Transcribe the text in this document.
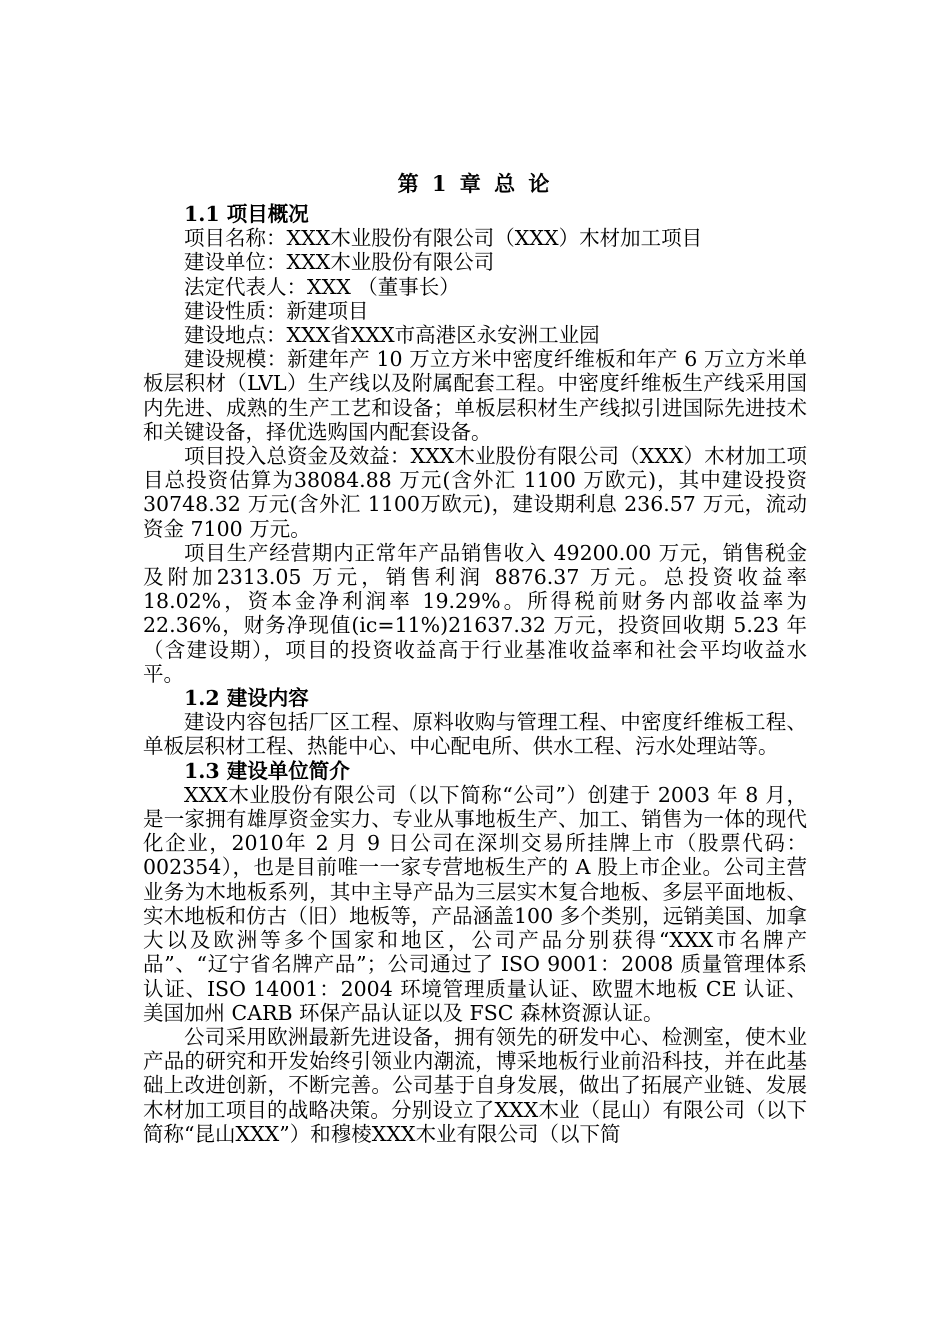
第 1 章 总 论
1.1 项目概况
项目名称：XXX木业股份有限公司（XXX）木材加工项目
建设单位：XXX木业股份有限公司
法定代表人：XXX （董事长）
建设性质：新建项目
建设地点：XXX省XXX市高港区永安洲工业园
建设规模：新建年产 10 万立方米中密度纤维板和年产 6 万立方米单板层积材（LVL）生产线以及附属配套工程。中密度纤维板生产线采用国内先进、成熟的生产工艺和设备；单板层积材生产线拟引进国际先进技术和关键设备，择优选购国内配套设备。
项目投入总资金及效益：XXX木业股份有限公司（XXX）木材加工项目总投资估算为38084.88 万元(含外汇 1100 万欧元)，其中建设投资 30748.32 万元(含外汇 1100万欧元)，建设期利息 236.57 万元，流动资金 7100 万元。
项目生产经营期内正常年产品销售收入 49200.00 万元，销售税金及附加2313.05 万元，销售利润 8876.37 万元。总投资收益率18.02%，资本金净利润率 19.29%。所得税前财务内部收益率为22.36%，财务净现值(ic=11%)21637.32 万元，投资回收期 5.23 年（含建设期），项目的投资收益高于行业基准收益率和社会平均收益水平。
1.2 建设内容
建设内容包括厂区工程、原料收购与管理工程、中密度纤维板工程、单板层积材工程、热能中心、中心配电所、供水工程、污水处理站等。
1.3 建设单位简介
XXX木业股份有限公司（以下简称“公司”）创建于 2003 年 8 月，是一家拥有雄厚资金实力、专业从事地板生产、加工、销售为一体的现代化企业，2010年 2 月 9 日公司在深圳交易所挂牌上市（股票代码：002354），也是目前唯一一家专营地板生产的 A 股上市企业。公司主营业务为木地板系列，其中主导产品为三层实木复合地板、多层平面地板、实木地板和仿古（旧）地板等，产品涵盖100 多个类别，远销美国、加拿大以及欧洲等多个国家和地区，公司产品分别获得“XXX市名牌产品”、“辽宁省名牌产品”；公司通过了 ISO 9001：2008 质量管理体系认证、ISO 14001：2004 环境管理质量认证、欧盟木地板 CE 认证、美国加州 CARB 环保产品认证以及 FSC 森林资源认证。
公司采用欧洲最新先进设备，拥有领先的研发中心、检测室，使木业产品的研究和开发始终引领业内潮流，博采地板行业前沿科技，并在此基础上改进创新，不断完善。公司基于自身发展，做出了拓展产业链、发展木材加工项目的战略决策。分别设立了XXX木业（昆山）有限公司（以下简称“昆山XXX”）和穆棱XXX木业有限公司（以下简
